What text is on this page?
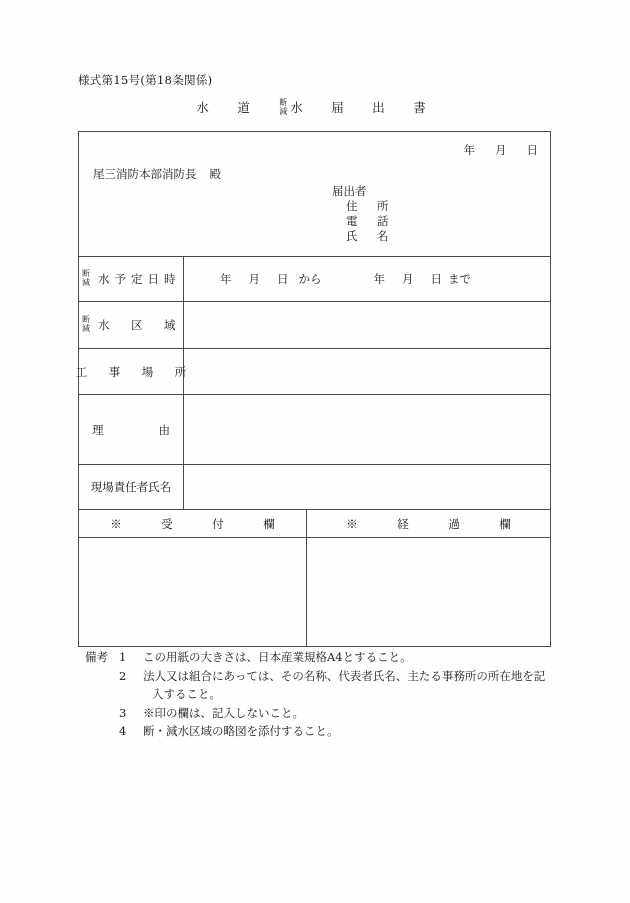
様式第15号(第18条関係)
水　道　 断
減 水　届　出　書
年月日
尾三消防本部消防長 殿
届出者
住　所
電　話
氏　名

断
減 水予定日時	年月日 から 年月日 まで	

断
減 水　区　域		

工　事　場　所		

理 由		

現場責任者氏名		

※　受　付　欄		※　経　過　欄

備考 1	この用紙の大きさは、日本産業規格A4とすること。
2	法人又は組合にあっては、その名称、代表者氏名、主たる事務所の所在地を記
入すること。
3	※印の欄は、記入しないこと。
4	断・減水区域の略図を添付すること。
